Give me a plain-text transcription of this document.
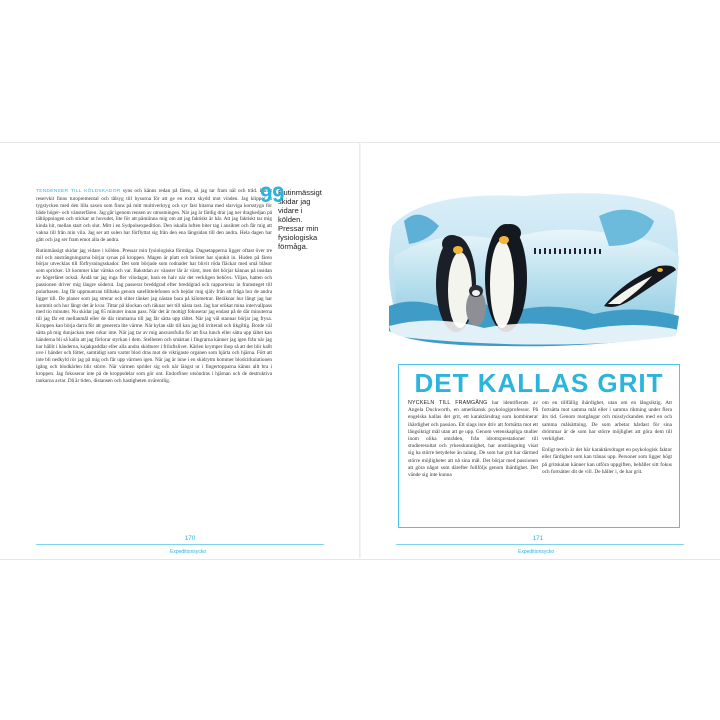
TENDENSER TILL KÖLDSKADOR syns och känns redan på fären, så jag tar fram näl och tråd. I mitt reservkit finns turopremental och tålsyg till hysorna för att ge en extra skydd mot vinden. Jag klipper ut tygstycken med den lilla saxen som finns på mitt multiverktyg och syr fast hitarna med slarviga korsstygn för både höger- och vänsterfären. Jag går igenom rensen av utrustningen. När jag är färdig drar jag ner dragkedjan på tältöppningen och stickar ut huvudet, lite för att pämiinna mig om att jag faktiskt är här. Att jag faktiskt tar mig kinda hit, mellan start och slut. Mitt i en Sydpolsexpedition. Den iskalla luften biter tag i ansiktet och får mig att vakna till från min vila. Jag ser att solen har förflyttat sig från den ena längsidan till den andra. Hela dagen har gått och jag ser fram emot alla de andra.

Rutinmässigt skidar jag vidare i kölden. Pressar min fysiologiska förmåga. Dagsetapperna ligger oftast över tre mil och ansträngningarna börjar synas på kroppen. Magen är platt och bröstet har sjunkit in. Huden på fären börjar utvecklas till förfrysningsskador. Det som började som rodnader har blivit röda fläckar med små blåsor som spricker. Ut kommer klar vätska och var. Bakstdan av vänster lår är värst, men det börjar kännas på insidan av högerläret också. Ändå tar jag inga fler vilodagar, bara en halv när det verkligen behövs. Viljan, hatten och passionen driver mig längre söderut. Jag passerar breddgrad efter breddgrad och rapporterar in framsteget till polarbasen. Jag får uppmuntran tillbaka genom satellittelefonen och bejdar mig själv från att fråga hur de andra ligger till. De planer som jag strerar och sliter tänker jag nästan bara på kilometrar. Beräknar hur långt jag har kommit och hur långt det är kvar. Tittar på klockan och räknar ner till nästa rast. Jag har utökat mina intervallpass med tio minuter. Nu skidar jag 65 minuter innan pass. När det är mottigt fokuserar jag endast på de där minuterna till jag får ett mellanmål eller de där timmarna till jag får sätta upp tältet. När jag väl stannar börjar jag frysa. Kroppen kan börja darra för att generera lite värme. När kylan slår till kan jag bli irriterad och likgiltig. Borde väl sätta på mig dunjackan men orkar inte. När jag tar av mig ansvarsfulla för att fixa lunch eller sätta upp tältet kan händerna bli så kalla att jag förlorar styrkan i dem. Stelheten och smärtan i fingrarna känner jag igen från när jag har hällit i händerna, kajakpaddlar eller alla andra skidturer i friluftslivet. Kärlen krymper ihop så att det blir kallt uve i händer och fötter, samtidigt som varmt blod dras mot de viktigaste organen som hjärta och hjärna. Fött att inte bli nedkyld rör jag på mig och får upp värmen igen. När jag är inne i en skidrytm kommer blodcirkulationen igång och blodkärlen blir större. När värmen sprider sig och när längst ut i fingertopparna känns allt bra i kroppen. Jag fokuserar inte på de kroppsdelar som gör ont. Endorfiner utsöndras i hjärnan och de destruktiva tankarna avtar. Då är tiden, distansen och hastigheten ovärentlig.

99
Rutinmässigt skidar jag vidare i kölden. Pressar min fysiologiska förmåga.
170
Expeditionsycko
DET KALLAS GRIT

NYCKELN TILL FRAMGÅNG har identifierats av Angela Duckworth, en amerikansk psykologiprofessor. På engelska kallas det grit, ett karaktärsdrag som kombinerar ihärdighet och passion. Ett slags inre driv att fortsätta mot ett långsiktigt mål utan att ge upp. Genom vetenskapliga studier inom olika områden, från idrottsprestationer till studieresultat och yrkesskunnighet, har ansträngning visat sig ha större betydelse än talang. De som har grit har därmed större möjligheter att nå sina mål. Det börjar med passionen att göra något som därefter fullföljs genom ihärdighet. Det vände sig inte kunna

om en tillfällig ihärdighet, utan om en långsiktig. Att fortsätta mot samma mål eller i samma riktning under flera års tid. Genom motgångar och misslyckanden med en och samma målsättning. De som arbetar hårdast för sina drömmar är de som har större möjlighet att göra dem till verklighet.

Enligt teorin är det här karaktärsdraget en psykologisk faktor eller färdighet som kan tränas upp. Personer som ligger högt på gritskalan känner kan utföra uppgiften, behåller sitt fokus och fortsätter dit de vill. De håller i, de har grit.

171
Expeditionsycko
